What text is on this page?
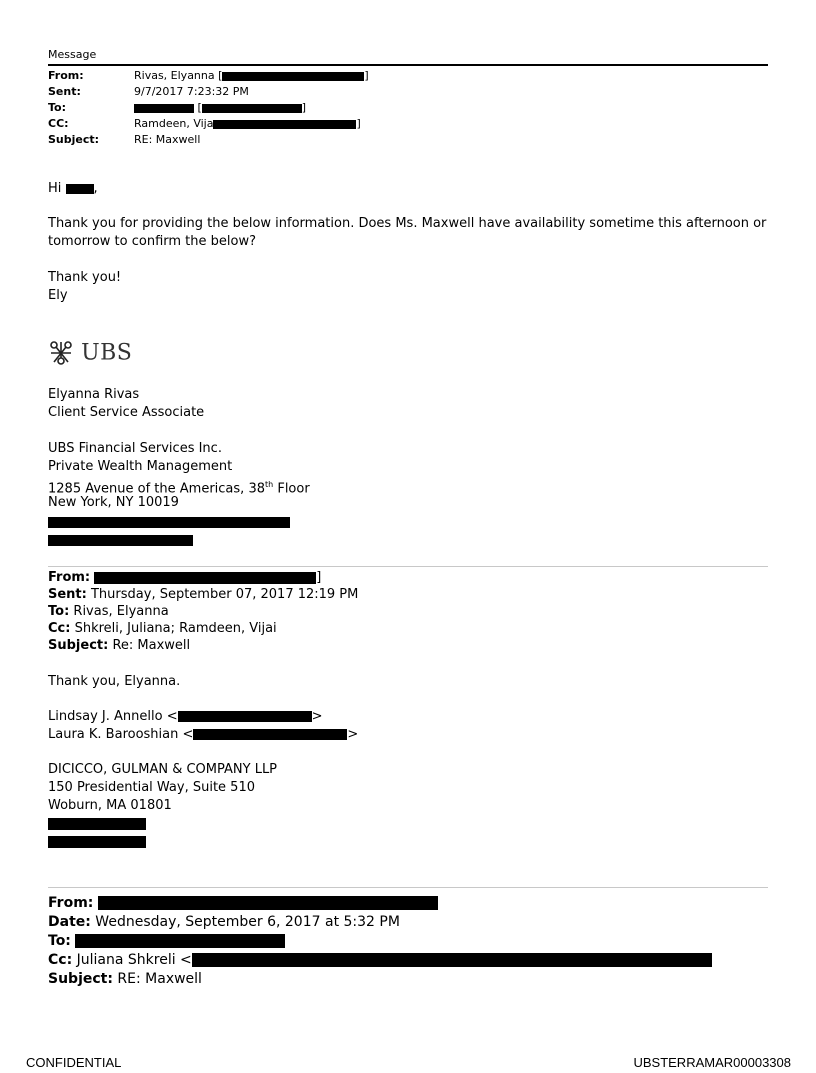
Message
From:	Rivas, Elyanna [	]
Sent:	9/7/2017 7:23:32 PM
To:	[	]
CC:	Ramdeen, Vija	]
Subject:	RE: Maxwell
Hi ,
Thank you for providing the below information. Does Ms. Maxwell have availability sometime this afternoon or
tomorrow to confirm the below?
Thank you!
Ely
UBS
Elyanna Rivas
Client Service Associate
UBS Financial Services Inc.
Private Wealth Management
1285 Avenue of the Americas, 38th Floor
New York, NY 10019
From:	]
Sent: Thursday, September 07, 2017 12:19 PM
To: Rivas, Elyanna
Cc: Shkreli, Juliana; Ramdeen, Vijai
Subject: Re: Maxwell
Thank you, Elyanna.
Lindsay J. Annello <	>
Laura K. Barooshian <	>
DICICCO, GULMAN & COMPANY LLP
150 Presidential Way, Suite 510
Woburn, MA 01801
From:
Date: Wednesday, September 6, 2017 at 5:32 PM
To:
Cc: Juliana Shkreli <
Subject: RE: Maxwell
CONFIDENTIAL	UBSTERRAMAR00003308
